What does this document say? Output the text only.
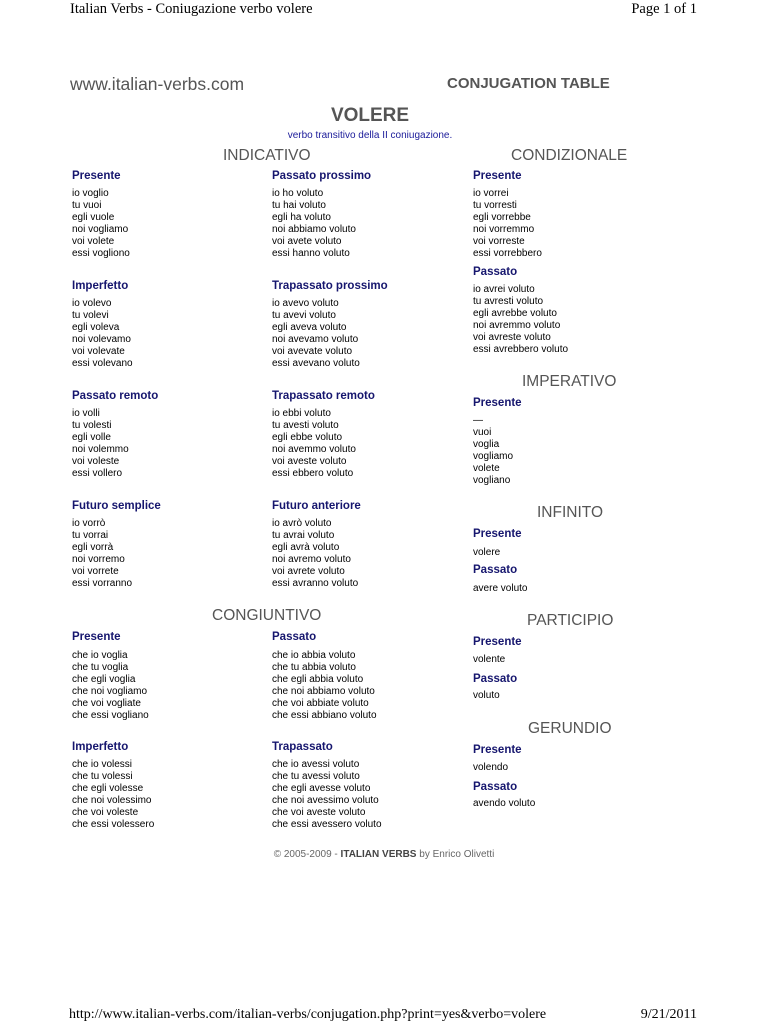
Italian Verbs - Coniugazione verbo volere	Page 1 of 1
www.italian-verbs.com	CONJUGATION TABLE
VOLERE
verbo transitivo della II coniugazione.
INDICATIVO	CONDIZIONALE
IMPERATIVO
INFINITO
CONGIUNTIVO	PARTICIPIO
GERUNDIO
Presente
io voglio
tu vuoi
egli vuole
noi vogliamo
voi volete
essi vogliono
Passato prossimo
io ho voluto
tu hai voluto
egli ha voluto
noi abbiamo voluto
voi avete voluto
essi hanno voluto
Imperfetto
io volevo
tu volevi
egli voleva
noi volevamo
voi volevate
essi volevano
Trapassato prossimo
io avevo voluto
tu avevi voluto
egli aveva voluto
noi avevamo voluto
voi avevate voluto
essi avevano voluto
Passato remoto
io volli
tu volesti
egli volle
noi volemmo
voi voleste
essi vollero
Trapassato remoto
io ebbi voluto
tu avesti voluto
egli ebbe voluto
noi avemmo voluto
voi aveste voluto
essi ebbero voluto
Futuro semplice
io vorrò
tu vorrai
egli vorrà
noi vorremo
voi vorrete
essi vorranno
Futuro anteriore
io avrò voluto
tu avrai voluto
egli avrà voluto
noi avremo voluto
voi avrete voluto
essi avranno voluto
Presente
che io voglia
che tu voglia
che egli voglia
che noi vogliamo
che voi vogliate
che essi vogliano
Passato
che io abbia voluto
che tu abbia voluto
che egli abbia voluto
che noi abbiamo voluto
che voi abbiate voluto
che essi abbiano voluto
Imperfetto
che io volessi
che tu volessi
che egli volesse
che noi volessimo
che voi voleste
che essi volessero
Trapassato
che io avessi voluto
che tu avessi voluto
che egli avesse voluto
che noi avessimo voluto
che voi aveste voluto
che essi avessero voluto
Presente
io vorrei
tu vorresti
egli vorrebbe
noi vorremmo
voi vorreste
essi vorrebbero
Passato
io avrei voluto
tu avresti voluto
egli avrebbe voluto
noi avremmo voluto
voi avreste voluto
essi avrebbero voluto
Presente
—
vuoi
voglia
vogliamo
volete
vogliano
Presente
volere
Passato
avere voluto
Presente
volente
Passato
voluto
Presente
volendo
Passato
avendo voluto
© 2005-2009 - ITALIAN VERBS by Enrico Olivetti
http://www.italian-verbs.com/italian-verbs/conjugation.php?print=yes&verbo=volere	9/21/2011
